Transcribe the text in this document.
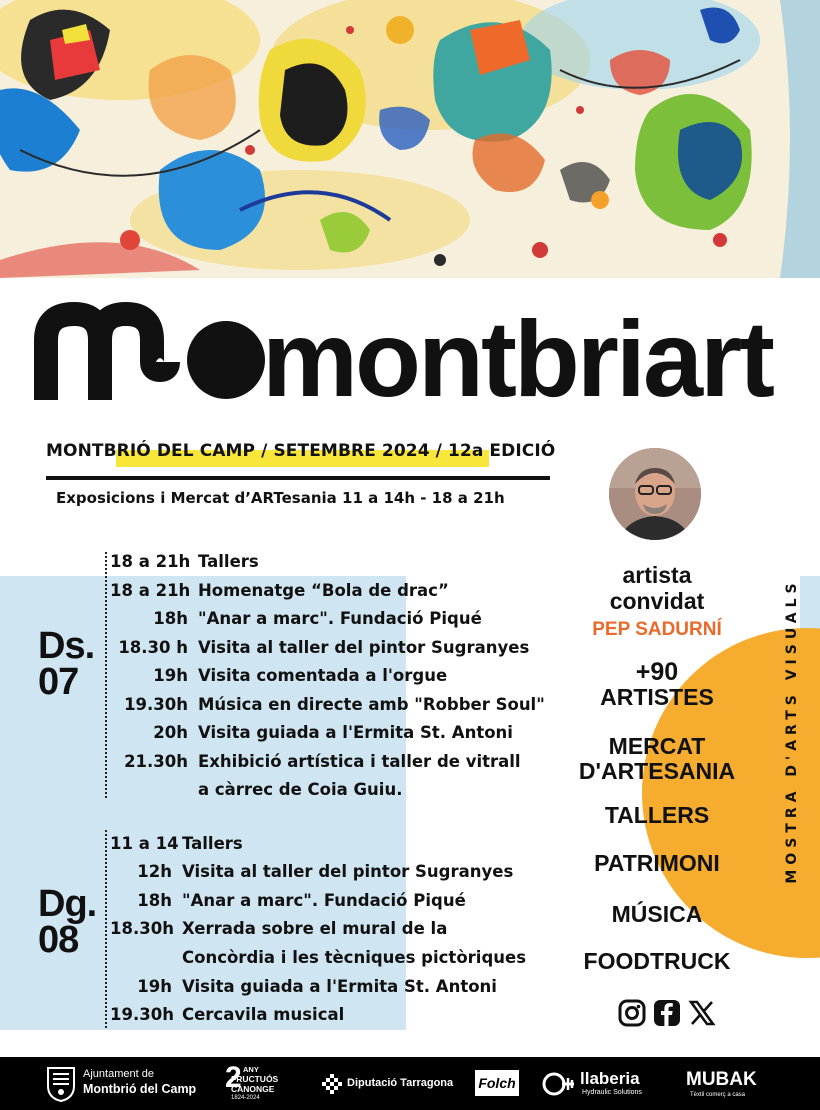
montbriart
MONTBRIÓ DEL CAMP / SETEMBRE 2024 / 12a EDICIÓ
Exposicions i Mercat d’ARTesania 11 a 14h - 18 a 21h
Ds.
07
Dg.
08
18 a 21h Tallers
18 a 21h Homenatge “Bola de drac”
18h "Anar a marc". Fundació Piqué
18.30 h Visita al taller del pintor Sugranyes
19h Visita comentada a l'orgue
19.30h Música en directe amb "Robber Soul"
20h Visita guiada a l'Ermita St. Antoni
21.30h Exhibició artística i taller de vitrall
a càrrec de Coia Guiu.
11 a 14 Tallers
12h Visita al taller del pintor Sugranyes
18h "Anar a marc". Fundació Piqué
18.30h Xerrada sobre el mural de la
Concòrdia i les tècniques pictòriques
19h Visita guiada a l'Ermita St. Antoni
19.30h Cercavila musical
artista
convidat
PEP SADURNÍ
+90
ARTISTES
MERCAT
D'ARTESANIA
TALLERS
PATRIMONI
MÚSICA
FOODTRUCK
MOSTRA D'ARTS VISUALS
Ajuntament de
Montbrió del Camp 2 ANY
FRUCTUÓS
CANONGE
1824-2024
Diputació Tarragona Folch	llaberia
Hydraulic Solutions
MUBAK
Tèxtil comerç a casa
